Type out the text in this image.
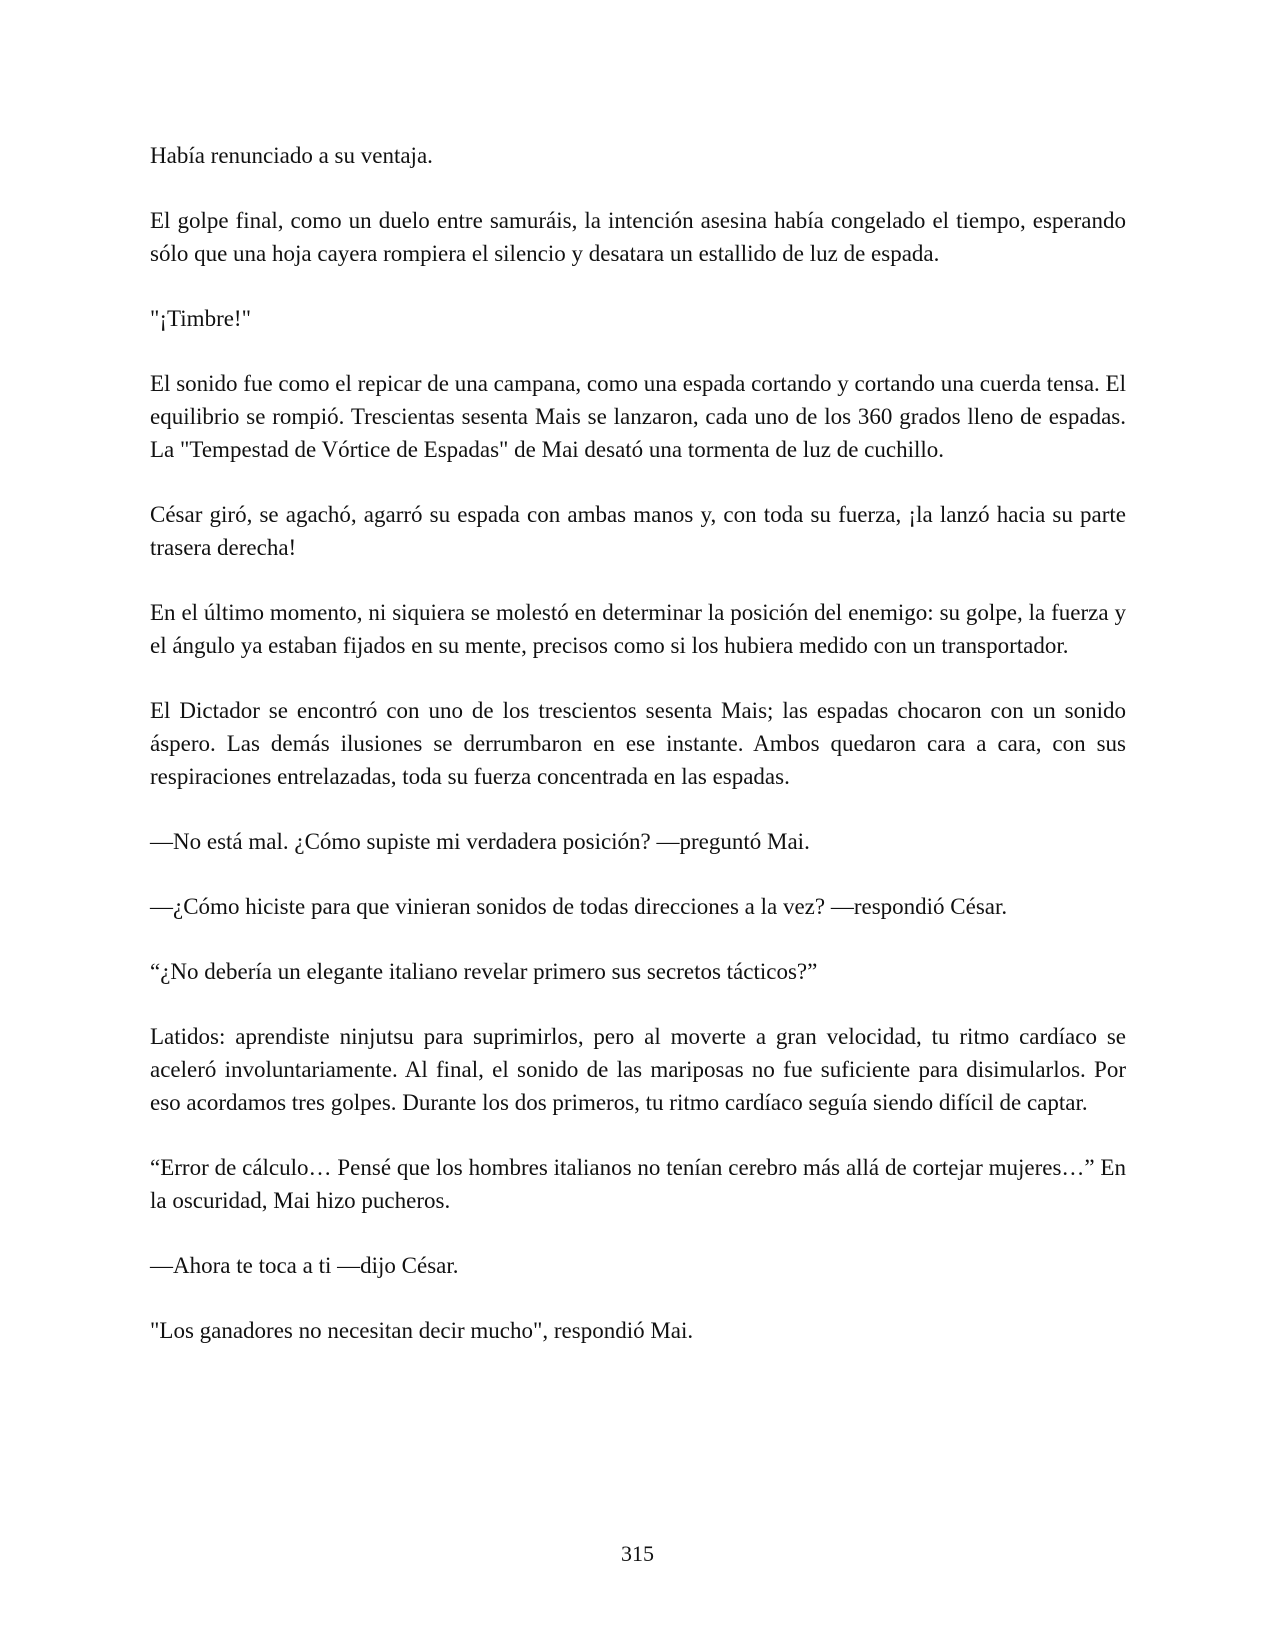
Había renunciado a su ventaja.

El golpe final, como un duelo entre samuráis, la intención asesina había congelado el tiempo, esperando sólo que una hoja cayera rompiera el silencio y desatara un estallido de luz de espada.

"¡Timbre!"

El sonido fue como el repicar de una campana, como una espada cortando y cortando una cuerda tensa. El equilibrio se rompió. Trescientas sesenta Mais se lanzaron, cada uno de los 360 grados lleno de espadas. La "Tempestad de Vórtice de Espadas" de Mai desató una tormenta de luz de cuchillo.

César giró, se agachó, agarró su espada con ambas manos y, con toda su fuerza, ¡la lanzó hacia su parte trasera derecha!

En el último momento, ni siquiera se molestó en determinar la posición del enemigo: su golpe, la fuerza y el ángulo ya estaban fijados en su mente, precisos como si los hubiera medido con un transportador.

El Dictador se encontró con uno de los trescientos sesenta Mais; las espadas chocaron con un sonido áspero. Las demás ilusiones se derrumbaron en ese instante. Ambos quedaron cara a cara, con sus respiraciones entrelazadas, toda su fuerza concentrada en las espadas.

—No está mal. ¿Cómo supiste mi verdadera posición? —preguntó Mai.

—¿Cómo hiciste para que vinieran sonidos de todas direcciones a la vez? —respondió César.

“¿No debería un elegante italiano revelar primero sus secretos tácticos?”

Latidos: aprendiste ninjutsu para suprimirlos, pero al moverte a gran velocidad, tu ritmo cardíaco se aceleró involuntariamente. Al final, el sonido de las mariposas no fue suficiente para disimularlos. Por eso acordamos tres golpes. Durante los dos primeros, tu ritmo cardíaco seguía siendo difícil de captar.

“Error de cálculo… Pensé que los hombres italianos no tenían cerebro más allá de cortejar mujeres…” En la oscuridad, Mai hizo pucheros.

—Ahora te toca a ti —dijo César.

"Los ganadores no necesitan decir mucho", respondió Mai.

315
